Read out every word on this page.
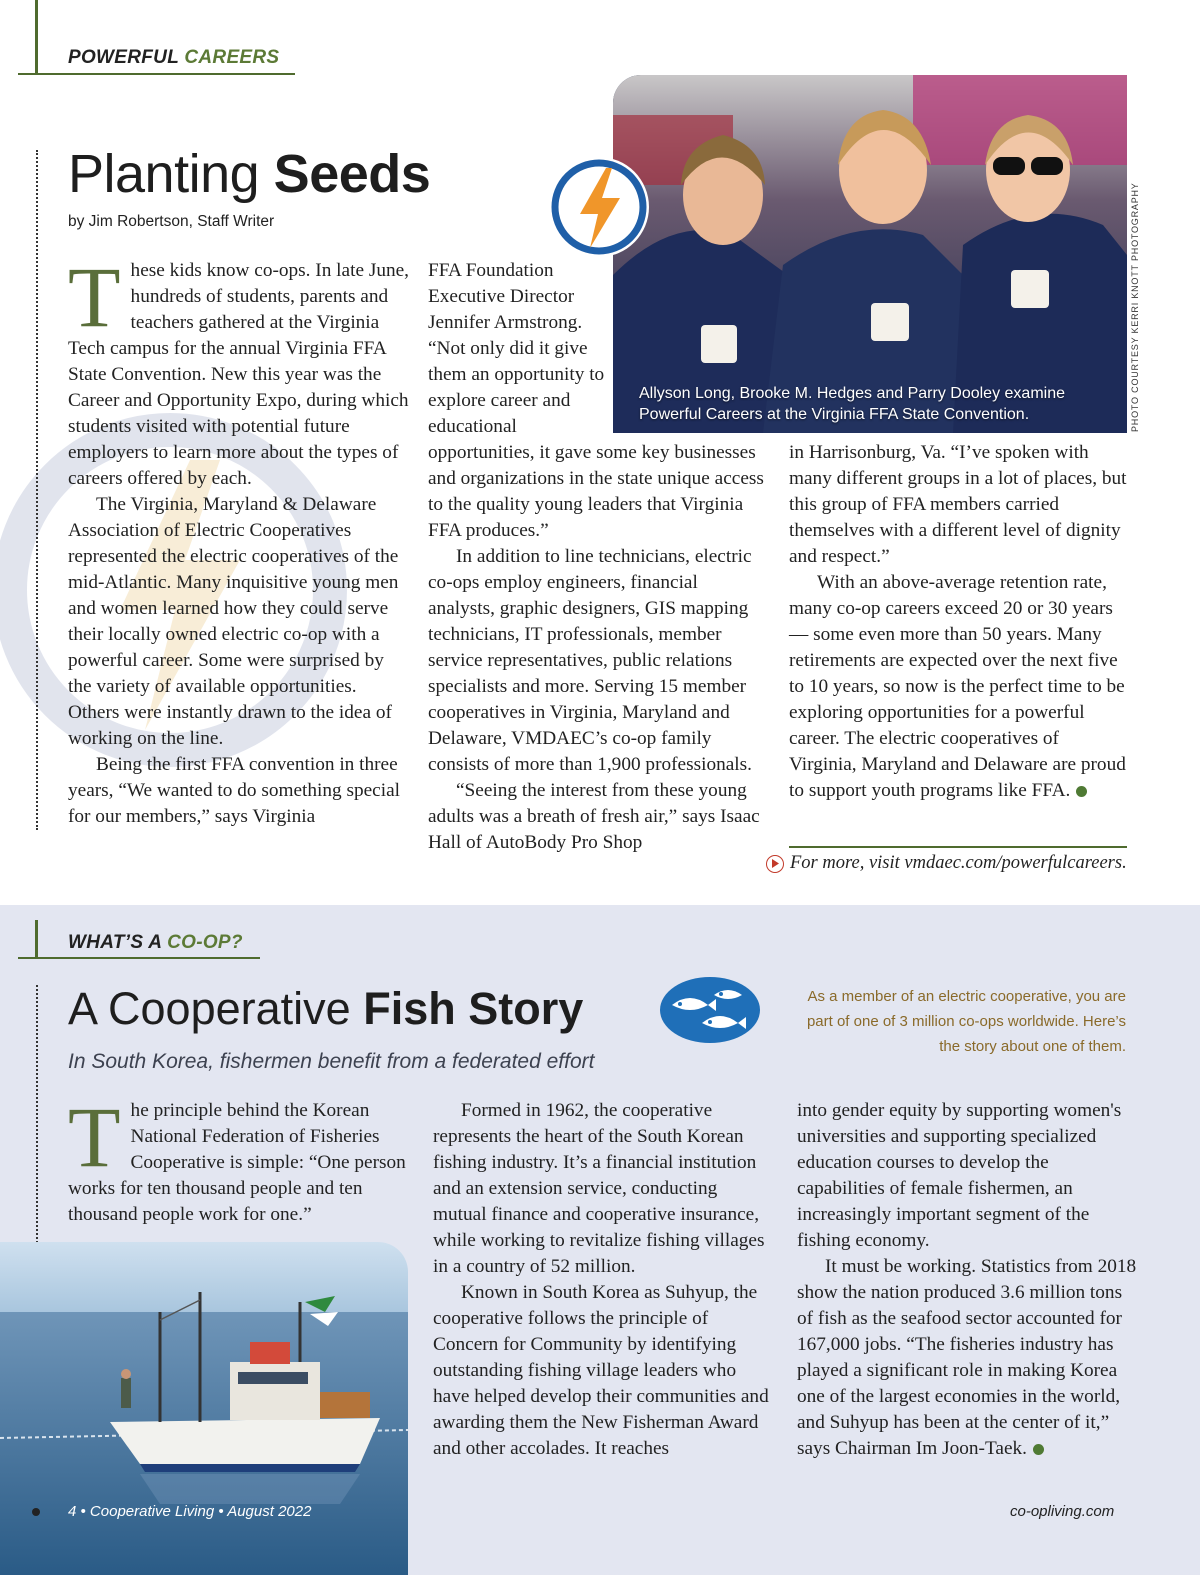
POWERFUL CAREERS
Planting Seeds
by Jim Robertson, Staff Writer
Allyson Long, Brooke M. Hedges and Parry Dooley examine Powerful Careers at the Virginia FFA State Convention.	PHOTO COURTESY KERRI KNOTT PHOTOGRAPHY
T hese kids know co-ops. In late June, hundreds of students, parents and teachers gathered at the Virginia Tech campus for the annual Virginia FFA State Convention. New this year was the Career and Opportunity Expo, during which students visited with potential future employers to learn more about the types of careers offered by each.

The Virginia, Maryland & Delaware Association of Electric Cooperatives represented the electric cooperatives of the mid-Atlantic. Many inquisitive young men and women learned how they could serve their locally owned electric co-op with a powerful career. Some were surprised by the variety of available opportunities. Others were instantly drawn to the idea of working on the line.

Being the first FFA convention in three years, “We wanted to do something special for our members,” says Virginia

FFA Foundation Executive Director Jennifer Armstrong. “Not only did it give them an opportunity to explore career and educational

opportunities, it gave some key businesses and organizations in the state unique access to the quality young leaders that Virginia FFA produces.”

In addition to line technicians, electric co-ops employ engineers, financial analysts, graphic designers, GIS mapping technicians, IT professionals, member service representatives, public relations specialists and more. Serving 15 member cooperatives in Virginia, Maryland and Delaware, VMDAEC’s co-op family consists of more than 1,900 professionals.

“Seeing the interest from these young adults was a breath of fresh air,” says Isaac Hall of AutoBody Pro Shop

in Harrisonburg, Va. “I’ve spoken with many different groups in a lot of places, but this group of FFA members carried themselves with a different level of dignity and respect.”

With an above-average retention rate, many co-op careers exceed 20 or 30 years — some even more than 50 years. Many retirements are expected over the next five to 10 years, so now is the perfect time to be exploring opportunities for a powerful career. The electric cooperatives of Virginia, Maryland and Delaware are proud to support youth programs like FFA.

For more, visit vmdaec.com/powerfulcareers.
WHAT’S A CO-OP?
A Cooperative Fish Story	As a member of an electric cooperative, you are part of one of 3 million co-ops worldwide. Here’s the story about one of them.
In South Korea, fishermen benefit from a federated effort
T he principle behind the Korean National Federation of Fisheries Cooperative is simple: “One person works for ten thousand people and ten thousand people work for one.”

Formed in 1962, the cooperative represents the heart of the South Korean fishing industry. It’s a financial institution and an extension service, conducting mutual finance and cooperative insurance, while working to revitalize fishing villages in a country of 52 million.

Known in South Korea as Suhyup, the cooperative follows the principle of Concern for Community by identifying outstanding fishing village leaders who have helped develop their communities and awarding them the New Fisherman Award and other accolades. It reaches

into gender equity by supporting women's universities and supporting specialized education courses to develop the capabilities of female fishermen, an increasingly important segment of the fishing economy.

It must be working. Statistics from 2018 show the nation produced 3.6 million tons of fish as the seafood sector accounted for 167,000 jobs. “The fisheries industry has played a significant role in making Korea one of the largest economies in the world, and Suhyup has been at the center of it,” says Chairman Im Joon-Taek.

4 • Cooperative Living • August 2022	co-opliving.com
